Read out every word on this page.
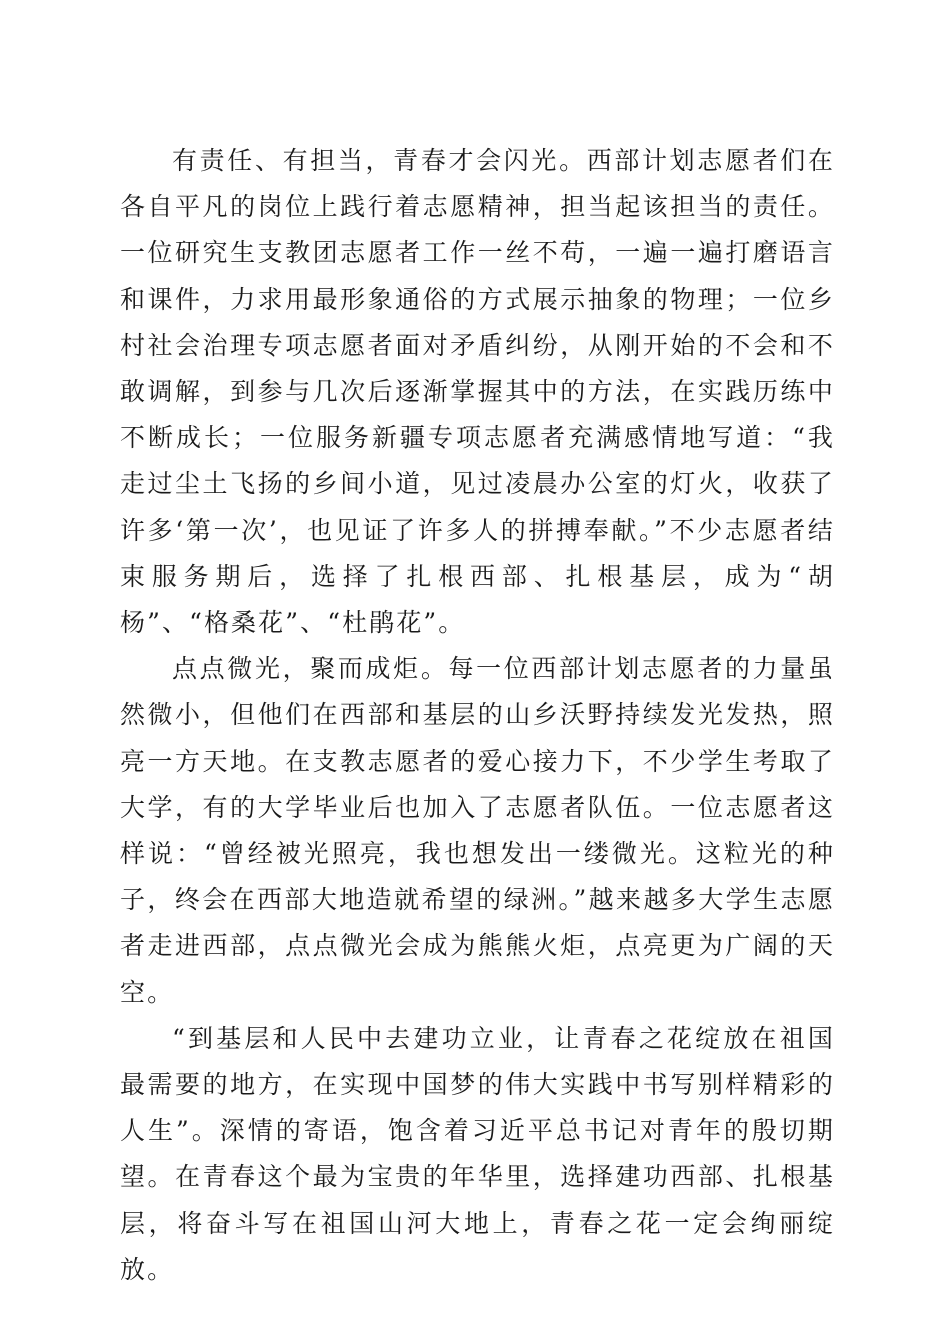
有责任、有担当，青春才会闪光。西部计划志愿者们在各自平凡的岗位上践行着志愿精神，担当起该担当的责任。一位研究生支教团志愿者工作一丝不苟，一遍一遍打磨语言和课件，力求用最形象通俗的方式展示抽象的物理；一位乡村社会治理专项志愿者面对矛盾纠纷，从刚开始的不会和不敢调解，到参与几次后逐渐掌握其中的方法，在实践历练中不断成长；一位服务新疆专项志愿者充满感情地写道：“我走过尘土飞扬的乡间小道，见过凌晨办公室的灯火，收获了许多‘第一次’，也见证了许多人的拼搏奉献。”不少志愿者结束服务期后，选择了扎根西部、扎根基层，成为“胡杨”、“格桑花”、“杜鹃花”。

点点微光，聚而成炬。每一位西部计划志愿者的力量虽然微小，但他们在西部和基层的山乡沃野持续发光发热，照亮一方天地。在支教志愿者的爱心接力下，不少学生考取了大学，有的大学毕业后也加入了志愿者队伍。一位志愿者这样说：“曾经被光照亮，我也想发出一缕微光。这粒光的种子，终会在西部大地造就希望的绿洲。”越来越多大学生志愿者走进西部，点点微光会成为熊熊火炬，点亮更为广阔的天空。

“到基层和人民中去建功立业，让青春之花绽放在祖国最需要的地方，在实现中国梦的伟大实践中书写别样精彩的人生”。深情的寄语，饱含着习近平总书记对青年的殷切期望。在青春这个最为宝贵的年华里，选择建功西部、扎根基层，将奋斗写在祖国山河大地上，青春之花一定会绚丽绽放。
